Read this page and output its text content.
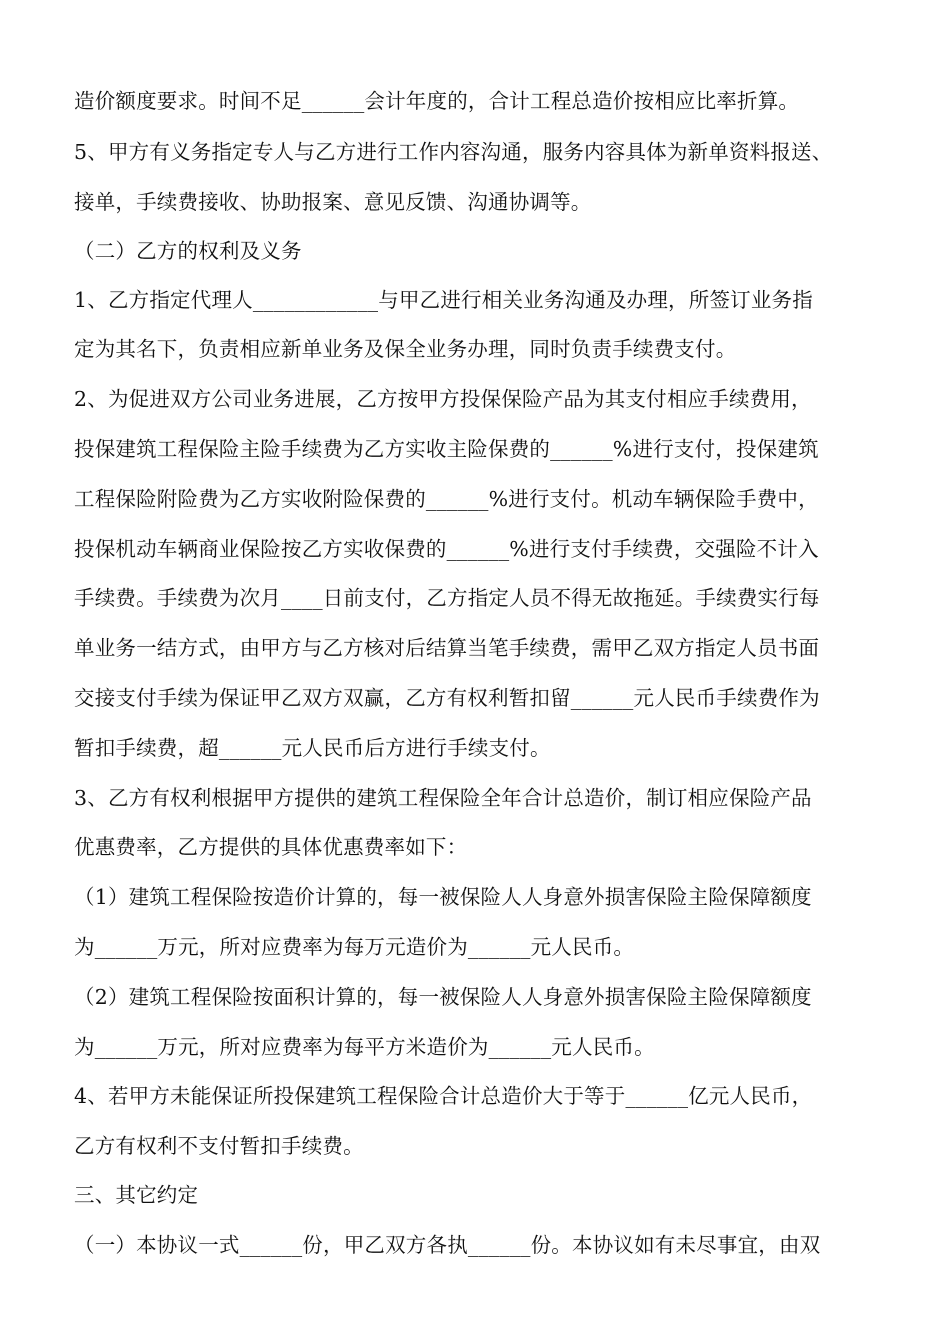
造价额度要求。时间不足______会计年度的，合计工程总造价按相应比率折算。
5、甲方有义务指定专人与乙方进行工作内容沟通，服务内容具体为新单资料报送、
接单，手续费接收、协助报案、意见反馈、沟通协调等。
（二）乙方的权利及义务
1、乙方指定代理人____________与甲乙进行相关业务沟通及办理，所签订业务指
定为其名下，负责相应新单业务及保全业务办理，同时负责手续费支付。
2、为促进双方公司业务进展，乙方按甲方投保保险产品为其支付相应手续费用，
投保建筑工程保险主险手续费为乙方实收主险保费的______%进行支付，投保建筑
工程保险附险费为乙方实收附险保费的______%进行支付。机动车辆保险手费中，
投保机动车辆商业保险按乙方实收保费的______%进行支付手续费，交强险不计入
手续费。手续费为次月____日前支付，乙方指定人员不得无故拖延。手续费实行每
单业务一结方式，由甲方与乙方核对后结算当笔手续费，需甲乙双方指定人员书面
交接支付手续为保证甲乙双方双赢，乙方有权利暂扣留______元人民币手续费作为
暂扣手续费，超______元人民币后方进行手续支付。
3、乙方有权利根据甲方提供的建筑工程保险全年合计总造价，制订相应保险产品
优惠费率，乙方提供的具体优惠费率如下：
（1）建筑工程保险按造价计算的，每一被保险人人身意外损害保险主险保障额度
为______万元，所对应费率为每万元造价为______元人民币。
（2）建筑工程保险按面积计算的，每一被保险人人身意外损害保险主险保障额度
为______万元，所对应费率为每平方米造价为______元人民币。
4、若甲方未能保证所投保建筑工程保险合计总造价大于等于______亿元人民币，
乙方有权利不支付暂扣手续费。
三、其它约定
（一）本协议一式______份，甲乙双方各执______份。本协议如有未尽事宜，由双
